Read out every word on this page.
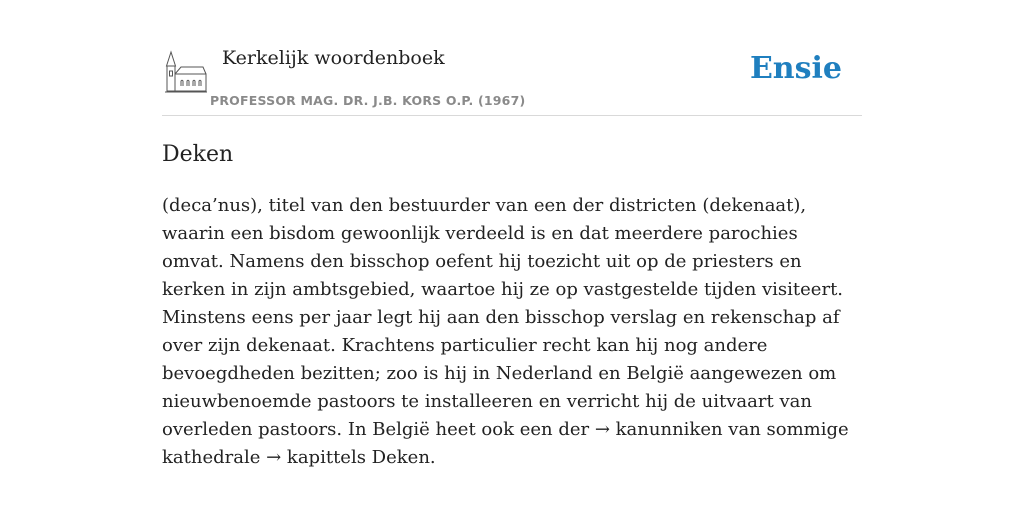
Kerkelijk woordenboek
PROFESSOR MAG. DR. J.B. KORS O.P. (1967)
Ensie
Deken

(deca’nus), titel van den bestuurder van een der districten (dekenaat), waarin een bisdom gewoonlijk verdeeld is en dat meerdere parochies omvat. Namens den bisschop oefent hij toezicht uit op de priesters en kerken in zijn ambtsgebied, waartoe hij ze op vastgestelde tijden visiteert. Minstens eens per jaar legt hij aan den bisschop verslag en rekenschap af over zijn dekenaat. Krachtens particulier recht kan hij nog andere bevoegdheden bezitten; zoo is hij in Nederland en België aangewezen om nieuwbenoemde pastoors te installeeren en verricht hij de uitvaart van overleden pastoors. In België heet ook een der → kanunniken van sommige kathedrale → kapittels Deken.
